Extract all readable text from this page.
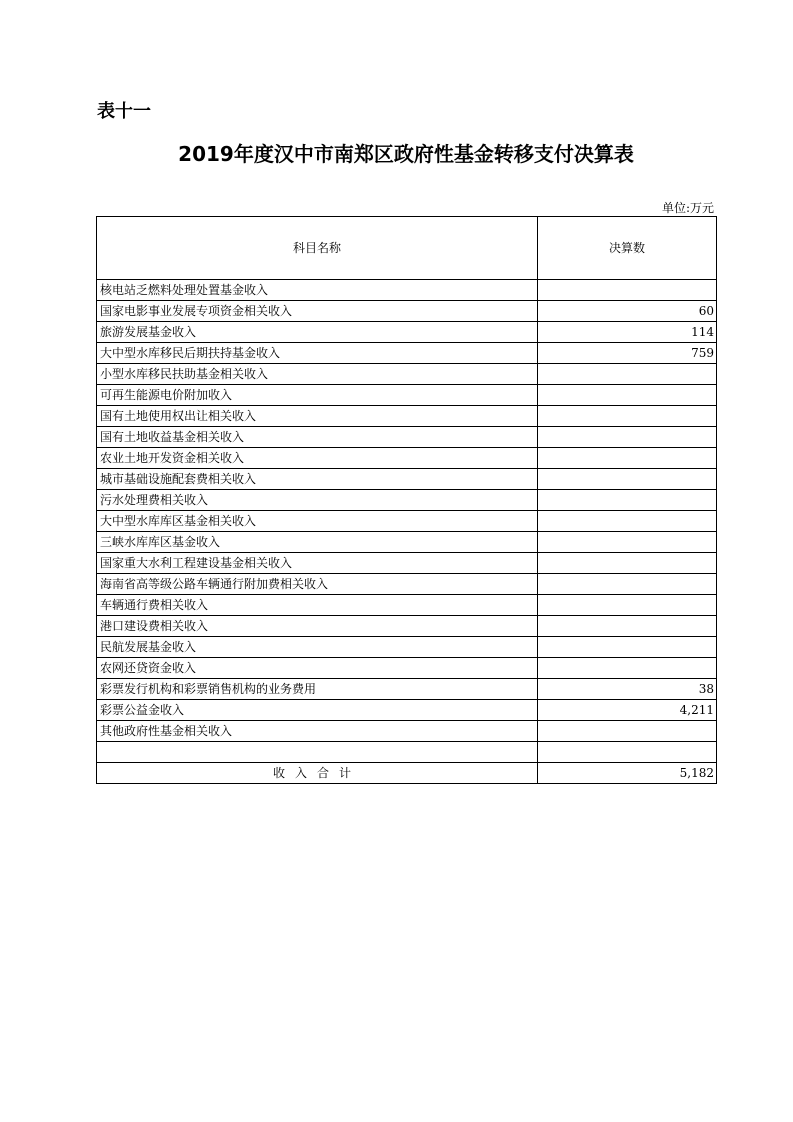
表十一
2019年度汉中市南郑区政府性基金转移支付决算表
单位:万元
科目名称	决算数
核电站乏燃料处理处置基金收入	
国家电影事业发展专项资金相关收入	60
旅游发展基金收入	114
大中型水库移民后期扶持基金收入	759
小型水库移民扶助基金相关收入	
可再生能源电价附加收入	
国有土地使用权出让相关收入	
国有土地收益基金相关收入	
农业土地开发资金相关收入	
城市基础设施配套费相关收入	
污水处理费相关收入	
大中型水库库区基金相关收入	
三峡水库库区基金收入	
国家重大水利工程建设基金相关收入	
海南省高等级公路车辆通行附加费相关收入	
车辆通行费相关收入	
港口建设费相关收入	
民航发展基金收入	
农网还贷资金收入	
彩票发行机构和彩票销售机构的业务费用	38
彩票公益金收入	4,211
其他政府性基金相关收入	

收入合计	5,182
